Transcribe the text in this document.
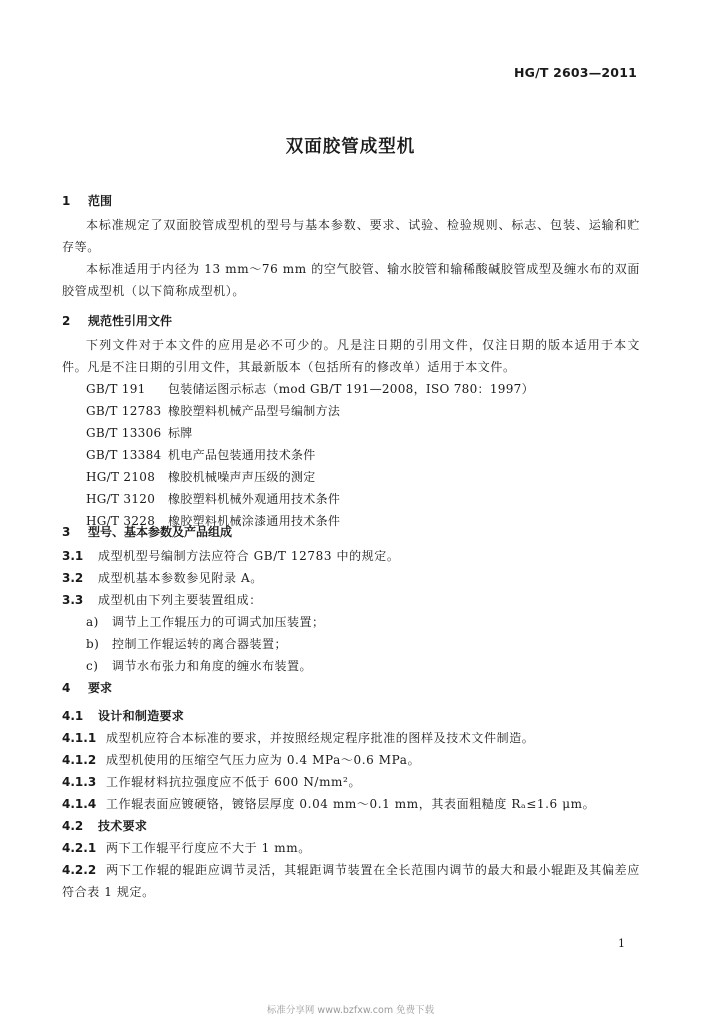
HG/T 2603—2011
双面胶管成型机
1 范围
本标准规定了双面胶管成型机的型号与基本参数、要求、试验、检验规则、标志、包装、运输和贮存等。
本标准适用于内径为 13 mm～76 mm 的空气胶管、输水胶管和输稀酸碱胶管成型及缠水布的双面胶管成型机（以下简称成型机）。
2 规范性引用文件
下列文件对于本文件的应用是必不可少的。凡是注日期的引用文件，仅注日期的版本适用于本文件。凡是不注日期的引用文件，其最新版本（包括所有的修改单）适用于本文件。
GB/T 191 包装储运图示标志（mod GB/T 191—2008，ISO 780：1997）
GB/T 12783 橡胶塑料机械产品型号编制方法
GB/T 13306 标牌
GB/T 13384 机电产品包装通用技术条件
HG/T 2108 橡胶机械噪声声压级的测定
HG/T 3120 橡胶塑料机械外观通用技术条件
HG/T 3228 橡胶塑料机械涂漆通用技术条件
3 型号、基本参数及产品组成
3.1 成型机型号编制方法应符合 GB/T 12783 中的规定。
3.2 成型机基本参数参见附录 A。
3.3 成型机由下列主要装置组成：
a) 调节上工作辊压力的可调式加压装置；
b) 控制工作辊运转的离合器装置；
c) 调节水布张力和角度的缠水布装置。
4 要求
4.1 设计和制造要求
4.1.1 成型机应符合本标准的要求，并按照经规定程序批准的图样及技术文件制造。
4.1.2 成型机使用的压缩空气压力应为 0.4 MPa～0.6 MPa。
4.1.3 工作辊材料抗拉强度应不低于 600 N/mm²。
4.1.4 工作辊表面应镀硬铬，镀铬层厚度 0.04 mm～0.1 mm，其表面粗糙度 Rₐ≤1.6 μm。
4.2 技术要求
4.2.1 两下工作辊平行度应不大于 1 mm。
4.2.2 两下工作辊的辊距应调节灵活，其辊距调节装置在全长范围内调节的最大和最小辊距及其偏差应符合表 1 规定。
1
标准分享网 www.bzfxw.com 免费下载
